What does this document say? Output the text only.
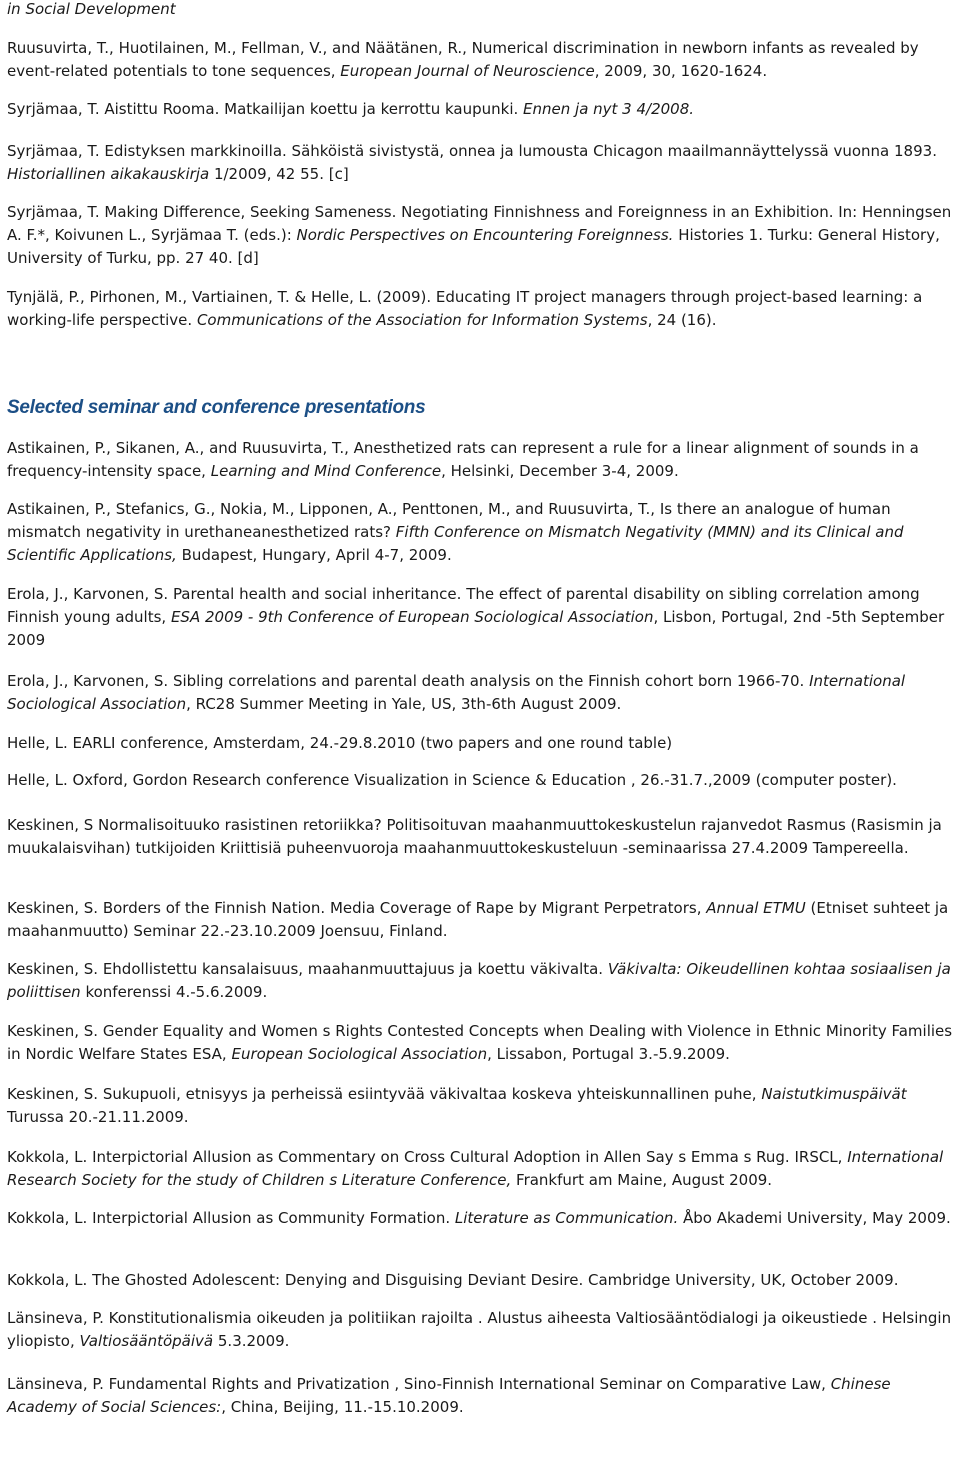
in Social Development

Ruusuvirta, T., Huotilainen, M., Fellman, V., and Näätänen, R., Numerical discrimination in newborn infants as revealed by event-related potentials to tone sequences, European Journal of Neuroscience, 2009, 30, 1620-1624.

Syrjämaa, T. Aistittu Rooma. Matkailijan koettu ja kerrottu kaupunki. Ennen ja nyt 3 4/2008.

Syrjämaa, T. Edistyksen markkinoilla. Sähköistä sivistystä, onnea ja lumousta Chicagon maailmannäyttelyssä vuonna 1893. Historiallinen aikakauskirja 1/2009, 42 55. [c]

Syrjämaa, T. Making Difference, Seeking Sameness. Negotiating Finnishness and Foreignness in an Exhibition. In: Henningsen A. F.*, Koivunen L., Syrjämaa T. (eds.): Nordic Perspectives on Encountering Foreignness. Histories 1. Turku: General History, University of Turku, pp. 27 40. [d]

Tynjälä, P., Pirhonen, M., Vartiainen, T. & Helle, L. (2009). Educating IT project managers through project-based learning: a working-life perspective. Communications of the Association for Information Systems, 24 (16).

Selected seminar and conference presentations

Astikainen, P., Sikanen, A., and Ruusuvirta, T., Anesthetized rats can represent a rule for a linear alignment of sounds in a frequency-intensity space, Learning and Mind Conference, Helsinki, December 3-4, 2009.

Astikainen, P., Stefanics, G., Nokia, M., Lipponen, A., Penttonen, M., and Ruusuvirta, T., Is there an analogue of human mismatch negativity in urethaneanesthetized rats? Fifth Conference on Mismatch Negativity (MMN) and its Clinical and Scientific Applications, Budapest, Hungary, April 4-7, 2009.

Erola, J., Karvonen, S. Parental health and social inheritance. The effect of parental disability on sibling correlation among Finnish young adults, ESA 2009 - 9th Conference of European Sociological Association, Lisbon, Portugal, 2nd -5th September 2009

Erola, J., Karvonen, S. Sibling correlations and parental death analysis on the Finnish cohort born 1966-70. International Sociological Association, RC28 Summer Meeting in Yale, US, 3th-6th August 2009.

Helle, L. EARLI conference, Amsterdam, 24.-29.8.2010 (two papers and one round table)

Helle, L. Oxford, Gordon Research conference Visualization in Science & Education , 26.-31.7.,2009 (computer poster).

Keskinen, S Normalisoituuko rasistinen retoriikka? Politisoituvan maahanmuuttokeskustelun rajanvedot Rasmus (Rasismin ja muukalaisvihan) tutkijoiden Kriittisiä puheenvuoroja maahanmuuttokeskusteluun -seminaarissa 27.4.2009 Tampereella.

Keskinen, S. Borders of the Finnish Nation. Media Coverage of Rape by Migrant Perpetrators, Annual ETMU (Etniset suhteet ja maahanmuutto) Seminar 22.-23.10.2009 Joensuu, Finland.

Keskinen, S. Ehdollistettu kansalaisuus, maahanmuuttajuus ja koettu väkivalta. Väkivalta: Oikeudellinen kohtaa sosiaalisen ja poliittisen konferenssi 4.-5.6.2009.

Keskinen, S. Gender Equality and Women s Rights Contested Concepts when Dealing with Violence in Ethnic Minority Families in Nordic Welfare States ESA, European Sociological Association, Lissabon, Portugal 3.-5.9.2009.

Keskinen, S. Sukupuoli, etnisyys ja perheissä esiintyvää väkivaltaa koskeva yhteiskunnallinen puhe, Naistutkimuspäivät Turussa 20.-21.11.2009.

Kokkola, L. Interpictorial Allusion as Commentary on Cross Cultural Adoption in Allen Say s Emma s Rug. IRSCL, International Research Society for the study of Children s Literature Conference, Frankfurt am Maine, August 2009.

Kokkola, L. Interpictorial Allusion as Community Formation. Literature as Communication. Åbo Akademi University, May 2009.

Kokkola, L. The Ghosted Adolescent: Denying and Disguising Deviant Desire. Cambridge University, UK, October 2009.

Länsineva, P. Konstitutionalismia oikeuden ja politiikan rajoilta . Alustus aiheesta Valtiosääntödialogi ja oikeustiede . Helsingin yliopisto, Valtiosääntöpäivä 5.3.2009.

Länsineva, P. Fundamental Rights and Privatization , Sino-Finnish International Seminar on Comparative Law, Chinese Academy of Social Sciences:, China, Beijing, 11.-15.10.2009.
